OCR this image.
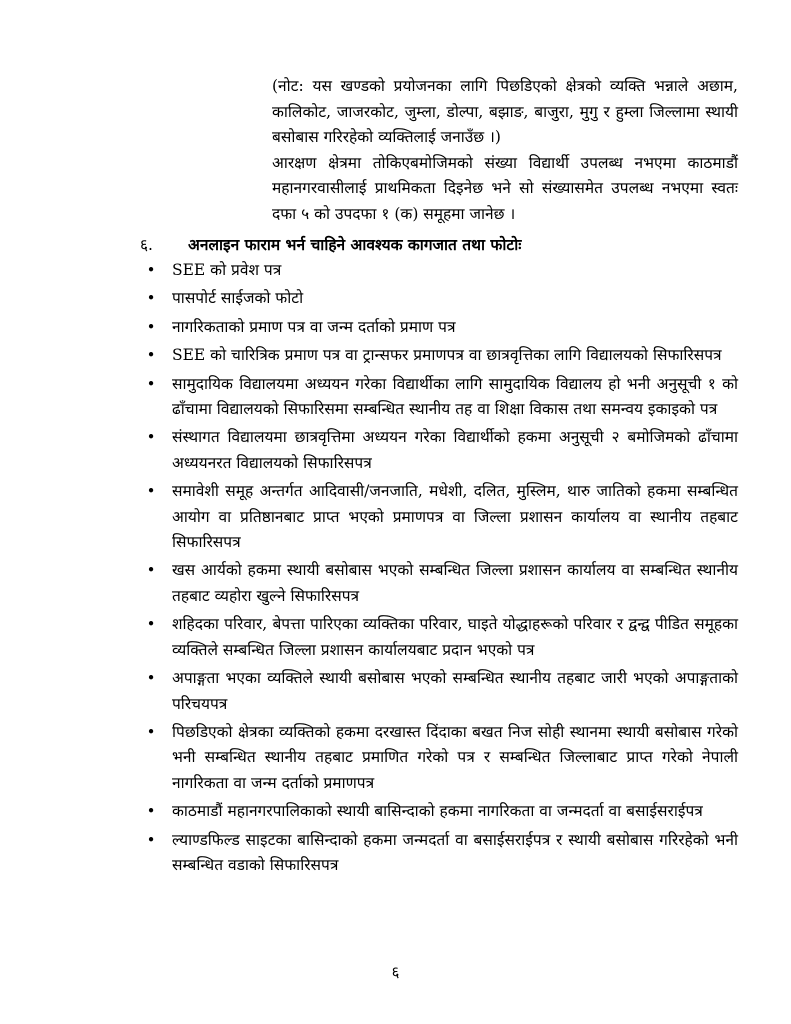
(नोट: यस खण्डको प्रयोजनका लागि पिछडिएको क्षेत्रको व्यक्ति भन्नाले अछाम, कालिकोट, जाजरकोट, जुम्ला, डोल्पा, बझाङ, बाजुरा, मुगु र हुम्ला जिल्लामा स्थायी बसोबास गरिरहेको व्यक्तिलाई जनाउँछ ।)

आरक्षण क्षेत्रमा तोकिएबमोजिमको संख्या विद्यार्थी उपलब्ध नभएमा काठमाडौं महानगरवासीलाई प्राथमिकता दिइनेछ भने सो संख्यासमेत उपलब्ध नभएमा स्वतः दफा ५ को उपदफा १ (क) समूहमा जानेछ ।

६. अनलाइन फाराम भर्न चाहिने आवश्यक कागजात तथा फोटोः
• SEE को प्रवेश पत्र
• पासपोर्ट साईजको फोटो
• नागरिकताको प्रमाण पत्र वा जन्म दर्ताको प्रमाण पत्र
• SEE को चारित्रिक प्रमाण पत्र वा ट्रान्सफर प्रमाणपत्र वा छात्रवृत्तिका लागि विद्यालयको सिफारिसपत्र
• सामुदायिक विद्यालयमा अध्ययन गरेका विद्यार्थीका लागि सामुदायिक विद्यालय हो भनी अनुसूची १ को ढाँचामा विद्यालयको सिफारिसमा सम्बन्धित स्थानीय तह वा शिक्षा विकास तथा समन्वय इकाइको पत्र
• संस्थागत विद्यालयमा छात्रवृत्तिमा अध्ययन गरेका विद्यार्थीको हकमा अनुसूची २ बमोजिमको ढाँचामा अध्ययनरत विद्यालयको सिफारिसपत्र
• समावेशी समूह अन्तर्गत आदिवासी/जनजाति, मधेशी, दलित, मुस्लिम, थारु जातिको हकमा सम्बन्धित आयोग वा प्रतिष्ठानबाट प्राप्त भएको प्रमाणपत्र वा जिल्ला प्रशासन कार्यालय वा स्थानीय तहबाट सिफारिसपत्र
• खस आर्यको हकमा स्थायी बसोबास भएको सम्बन्धित जिल्ला प्रशासन कार्यालय वा सम्बन्धित स्थानीय तहबाट व्यहोरा खुल्ने सिफारिसपत्र
• शहिदका परिवार, बेपत्ता पारिएका व्यक्तिका परिवार, घाइते योद्धाहरूको परिवार र द्वन्द्व पीडित समूहका व्यक्तिले सम्बन्धित जिल्ला प्रशासन कार्यालयबाट प्रदान भएको पत्र
• अपाङ्गता भएका व्यक्तिले स्थायी बसोबास भएको सम्बन्धित स्थानीय तहबाट जारी भएको अपाङ्गताको परिचयपत्र
• पिछडिएको क्षेत्रका व्यक्तिको हकमा दरखास्त दिंदाका बखत निज सोही स्थानमा स्थायी बसोबास गरेको भनी सम्बन्धित स्थानीय तहबाट प्रमाणित गरेको पत्र र सम्बन्धित जिल्लाबाट प्राप्त गरेको नेपाली नागरिकता वा जन्म दर्ताको प्रमाणपत्र
• काठमाडौं महानगरपालिकाको स्थायी बासिन्दाको हकमा नागरिकता वा जन्मदर्ता वा बसाईसराईपत्र
• ल्याण्डफिल्ड साइटका बासिन्दाको हकमा जन्मदर्ता वा बसाईसराईपत्र र स्थायी बसोबास गरिरहेको भनी सम्बन्धित वडाको सिफारिसपत्र
६
